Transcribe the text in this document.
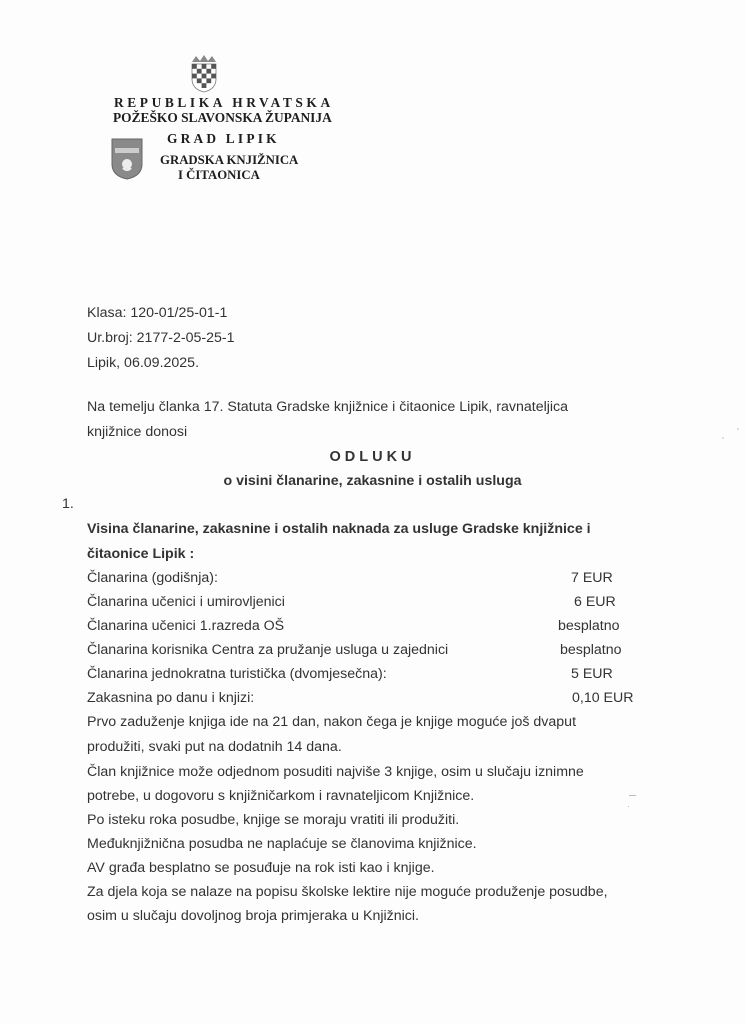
REPUBLIKA HRVATSKA
POŽEŠKO SLAVONSKA ŽUPANIJA
GRAD LIPIK
GRADSKA KNJIŽNICA
I ČITAONICA
Klasa: 120-01/25-01-1
Ur.broj: 2177-2-05-25-1
Lipik, 06.09.2025.
Na temelju članka 17. Statuta Gradske knjižnice i čitaonice Lipik, ravnateljica
knjižnice donosi
ODLUKU
o visini članarine, zakasnine i ostalih usluga
1.
Visina članarine, zakasnine i ostalih naknada za usluge Gradske knjižnice i
čitaonice Lipik :
Članarina (godišnja):	7 EUR
Članarina učenici i umirovljenici	6 EUR
Članarina učenici 1.razreda OŠ	besplatno
Članarina korisnika Centra za pružanje usluga u zajednici	besplatno
Članarina jednokratna turistička (dvomjesečna):	5 EUR
Zakasnina po danu i knjizi:	0,10 EUR
Prvo zaduženje knjiga ide na 21 dan, nakon čega je knjige moguće još dvaput
produžiti, svaki put na dodatnih 14 dana.
Član knjižnice može odjednom posuditi najviše 3 knjige, osim u slučaju iznimne
potrebe, u dogovoru s knjižničarkom i ravnateljicom Knjižnice.
Po isteku roka posudbe, knjige se moraju vratiti ili produžiti.
Međuknjižnična posudba ne naplaćuje se članovima knjižnice.
AV građa besplatno se posuđuje na rok isti kao i knjige.
Za djela koja se nalaze na popisu školske lektire nije moguće produženje posudbe,
osim u slučaju dovoljnog broja primjeraka u Knjižnici.
